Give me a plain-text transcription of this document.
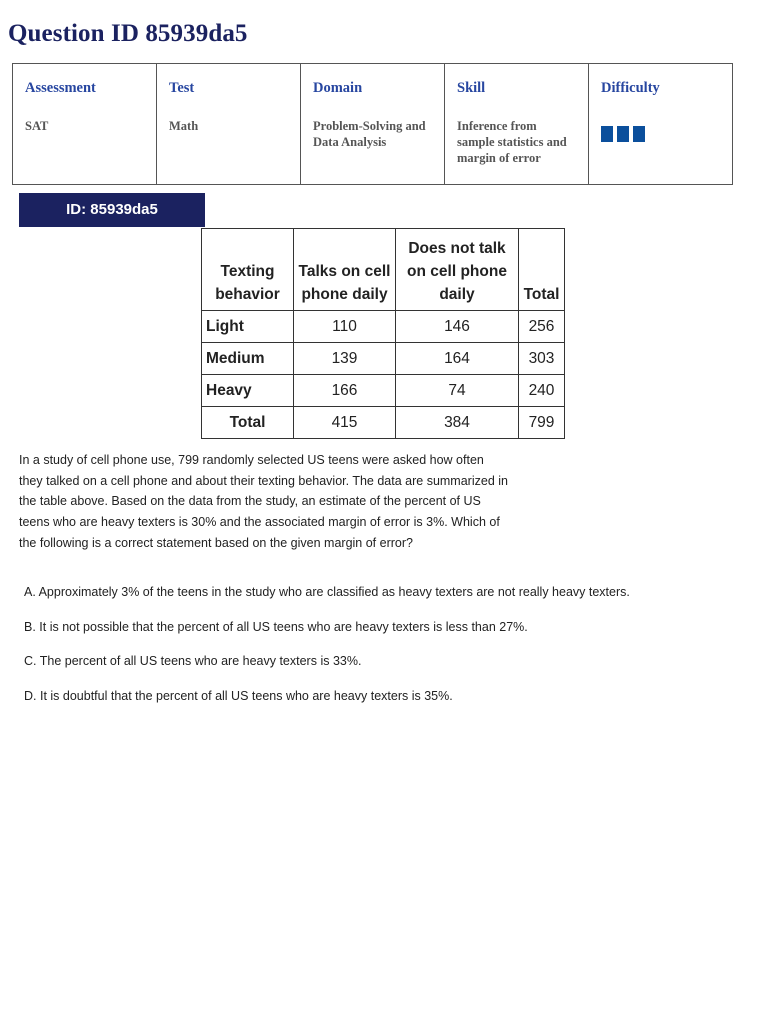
Question ID 85939da5
Assessment
SAT

Test
Math

Domain
Problem-Solving and Data Analysis

Skill
Inference from sample statistics and margin of error

Difficulty
ID: 85939da5
Texting behavior	Talks on cell phone daily	Does not talk on cell phone daily	Total
Light	110	146	256
Medium	139	164	303
Heavy	166	74	240
Total	415	384	799

In a study of cell phone use, 799 randomly selected US teens were asked how often they talked on a cell phone and about their texting behavior. The data are summarized in the table above. Based on the data from the study, an estimate of the percent of US teens who are heavy texters is 30% and the associated margin of error is 3%. Which of the following is a correct statement based on the given margin of error?

A. Approximately 3% of the teens in the study who are classified as heavy texters are not really heavy texters.
B. It is not possible that the percent of all US teens who are heavy texters is less than 27%.
C. The percent of all US teens who are heavy texters is 33%.
D. It is doubtful that the percent of all US teens who are heavy texters is 35%.
